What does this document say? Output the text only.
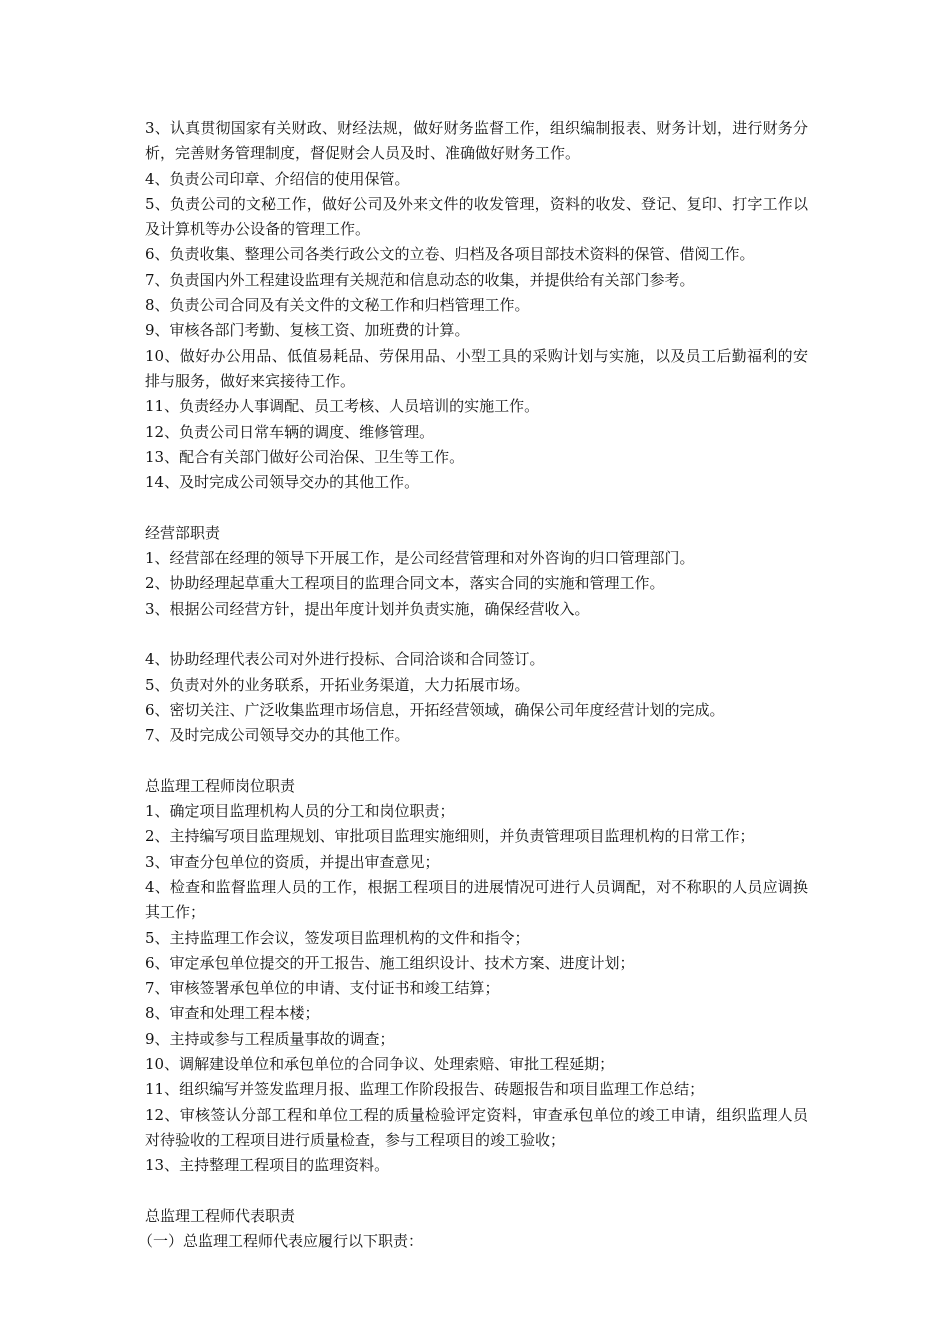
3、认真贯彻国家有关财政、财经法规，做好财务监督工作，组织编制报表、财务计划，进行财务分析，完善财务管理制度，督促财会人员及时、准确做好财务工作。

4、负责公司印章、介绍信的使用保管。

5、负责公司的文秘工作，做好公司及外来文件的收发管理，资料的收发、登记、复印、打字工作以及计算机等办公设备的管理工作。

6、负责收集、整理公司各类行政公文的立卷、归档及各项目部技术资料的保管、借阅工作。

7、负责国内外工程建设监理有关规范和信息动态的收集，并提供给有关部门参考。

8、负责公司合同及有关文件的文秘工作和归档管理工作。

9、审核各部门考勤、复核工资、加班费的计算。

10、做好办公用品、低值易耗品、劳保用品、小型工具的采购计划与实施，以及员工后勤福利的安排与服务，做好来宾接待工作。

11、负责经办人事调配、员工考核、人员培训的实施工作。

12、负责公司日常车辆的调度、维修管理。

13、配合有关部门做好公司治保、卫生等工作。

14、及时完成公司领导交办的其他工作。

经营部职责

1、经营部在经理的领导下开展工作，是公司经营管理和对外咨询的归口管理部门。

2、协助经理起草重大工程项目的监理合同文本，落实合同的实施和管理工作。

3、根据公司经营方针，提出年度计划并负责实施，确保经营收入。

4、协助经理代表公司对外进行投标、合同洽谈和合同签订。

5、负责对外的业务联系，开拓业务渠道，大力拓展市场。

6、密切关注、广泛收集监理市场信息，开拓经营领域，确保公司年度经营计划的完成。

7、及时完成公司领导交办的其他工作。

总监理工程师岗位职责

1、确定项目监理机构人员的分工和岗位职责；

2、主持编写项目监理规划、审批项目监理实施细则，并负责管理项目监理机构的日常工作；

3、审查分包单位的资质，并提出审查意见；

4、检查和监督监理人员的工作，根据工程项目的进展情况可进行人员调配，对不称职的人员应调换其工作；

5、主持监理工作会议，签发项目监理机构的文件和指令；

6、审定承包单位提交的开工报告、施工组织设计、技术方案、进度计划；

7、审核签署承包单位的申请、支付证书和竣工结算；

8、审查和处理工程本楼；

9、主持或参与工程质量事故的调查；

10、调解建设单位和承包单位的合同争议、处理索赔、审批工程延期；

11、组织编写并签发监理月报、监理工作阶段报告、砖题报告和项目监理工作总结；

12、审核签认分部工程和单位工程的质量检验评定资料，审查承包单位的竣工申请，组织监理人员对待验收的工程项目进行质量检查，参与工程项目的竣工验收；

13、主持整理工程项目的监理资料。

总监理工程师代表职责

（一）总监理工程师代表应履行以下职责：
